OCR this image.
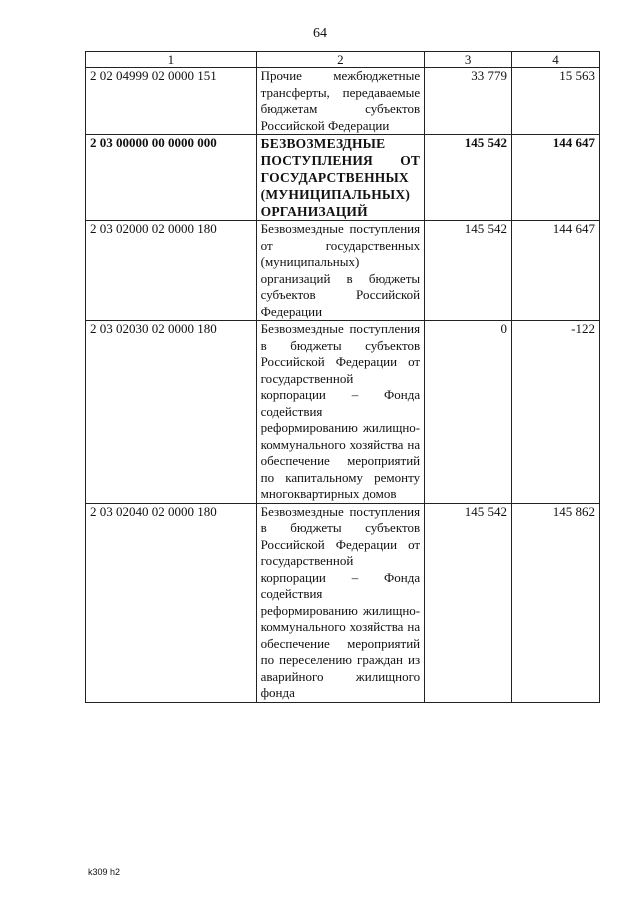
64
1	2	3	4
2 02 04999 02 0000 151	Прочие межбюджетные трансферты, передаваемые бюджетам субъектов Российской Федерации	33 779	15 563
2 03 00000 00 0000 000	БЕЗВОЗМЕЗДНЫЕ ПОСТУПЛЕНИЯ ОТ ГОСУДАРСТВЕННЫХ (МУНИЦИПАЛЬНЫХ) ОРГАНИЗАЦИЙ	145 542	144 647
2 03 02000 02 0000 180	Безвозмездные поступления от государственных (муниципальных) организаций в бюджеты субъектов Российской Федерации	145 542	144 647
2 03 02030 02 0000 180	Безвозмездные поступления в бюджеты субъектов Российской Федерации от государственной корпорации – Фонда содействия реформированию жилищно-коммунального хозяйства на обеспечение мероприятий по капитальному ремонту многоквартирных домов	0	-122
2 03 02040 02 0000 180	Безвозмездные поступления в бюджеты субъектов Российской Федерации от государственной корпорации – Фонда содействия реформированию жилищно-коммунального хозяйства на обеспечение мероприятий по переселению граждан из аварийного жилищного фонда	145 542	145 862
k309 h2
